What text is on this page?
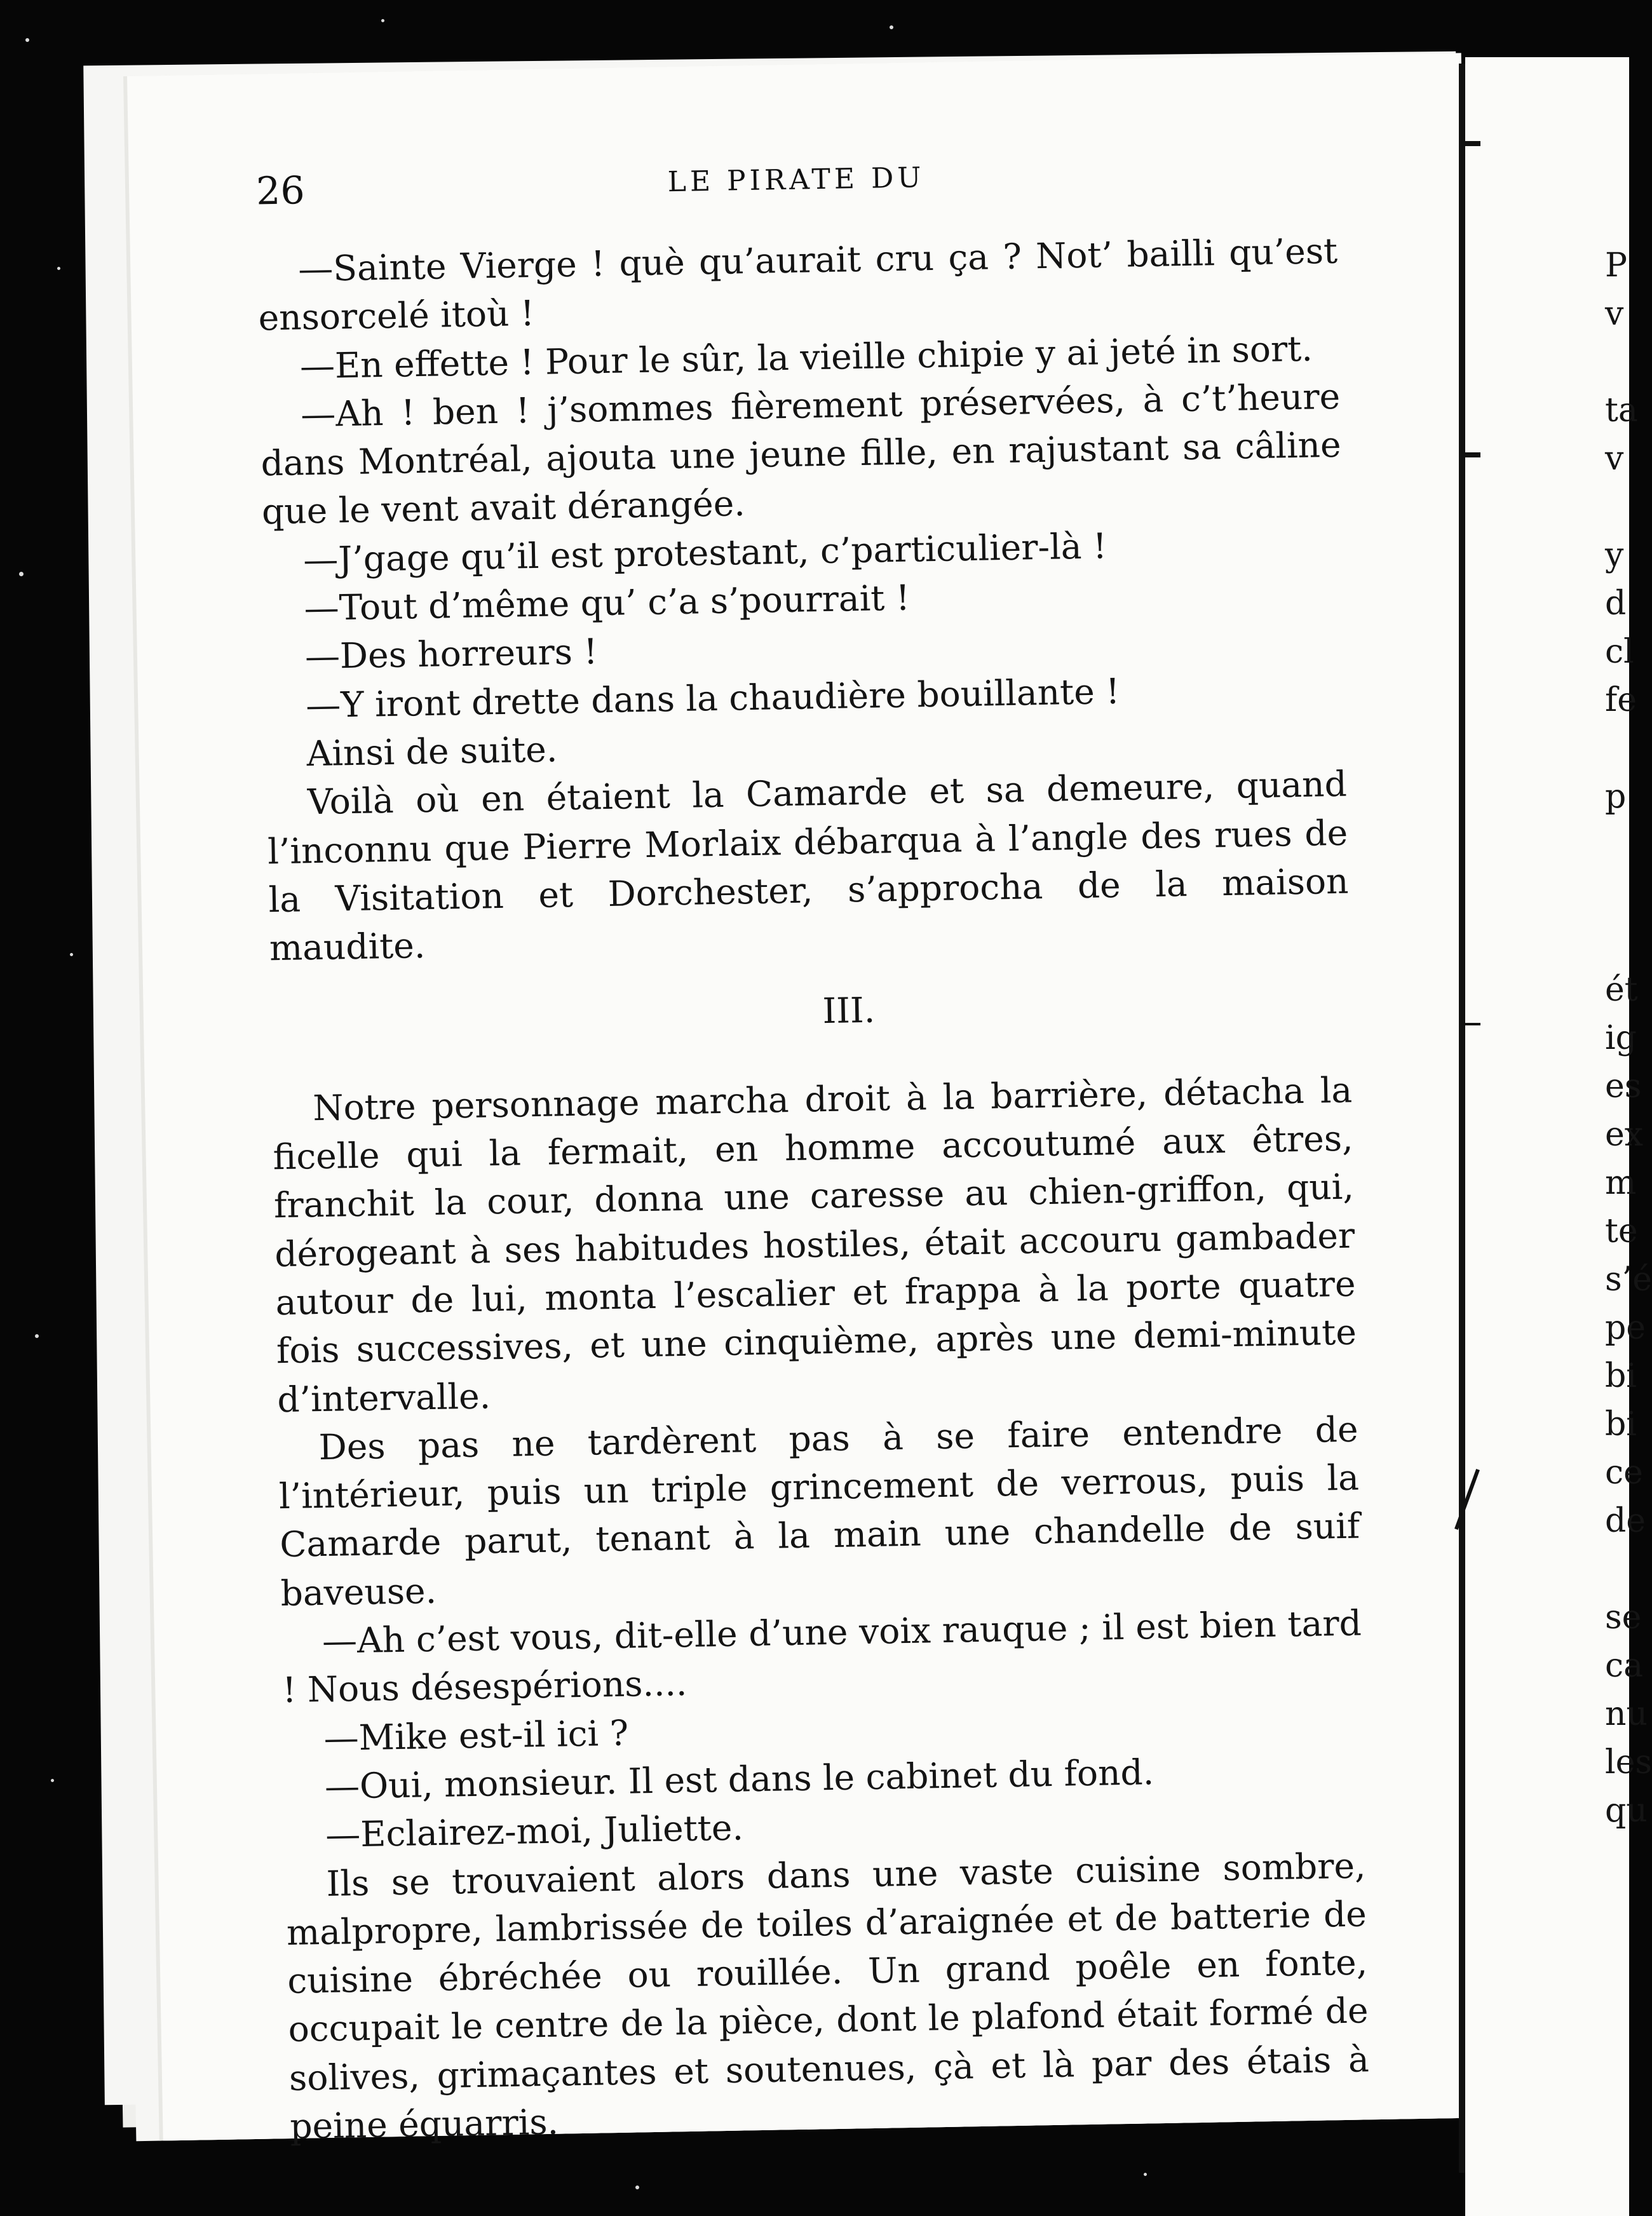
26	LE PIRATE DU

—Sainte Vierge ! què qu’aurait cru ça ? Not’ bailli qu’est ensorcelé itoù !

—En effette ! Pour le sûr, la vieille chipie y ai jeté in sort.

—Ah ! ben ! j’sommes fièrement préservées, à c’t’heure dans Montréal, ajouta une jeune fille, en rajustant sa câline que le vent avait dérangée.

—J’gage qu’il est protestant, c’particulier-là !

—Tout d’même qu’ c’a s’pourrait !

—Des horreurs !

—Y iront drette dans la chaudière bouillante !

Ainsi de suite.

Voilà où en étaient la Camarde et sa demeure, quand l’inconnu que Pierre Morlaix débarqua à l’angle des rues de la Visitation et Dorchester, s’approcha de la maison maudite.

III.

Notre personnage marcha droit à la barrière, détacha la ficelle qui la fermait, en homme accoutumé aux êtres, franchit la cour, donna une caresse au chien-griffon, qui, dérogeant à ses habitudes hostiles, était accouru gambader autour de lui, monta l’escalier et frappa à la porte quatre fois successives, et une cinquième, après une demi-minute d’intervalle.

Des pas ne tardèrent pas à se faire entendre de l’intérieur, puis un triple grincement de verrous, puis la Camarde parut, tenant à la main une chandelle de suif baveuse.

—Ah c’est vous, dit-elle d’une voix rauque ; il est bien tard ! Nous désespérions....

—Mike est-il ici ?

—Oui, monsieur. Il est dans le cabinet du fond.

—Eclairez-moi, Juliette.

Ils se trouvaient alors dans une vaste cuisine sombre, malpropre, lambrissée de toiles d’araignée et de batterie de cuisine ébréchée ou rouillée. Un grand poêle en fonte, occupait le centre de la pièce, dont le plafond était formé de solives, grimaçantes et soutenues, çà et là par des étais à peine équarris.

P
v

ta
v

y
d
cl
fe

p

ét
ig
es
ex
m
te
s’é
pe
bi
bi
ce
de

se
ca
nu
les
qu
